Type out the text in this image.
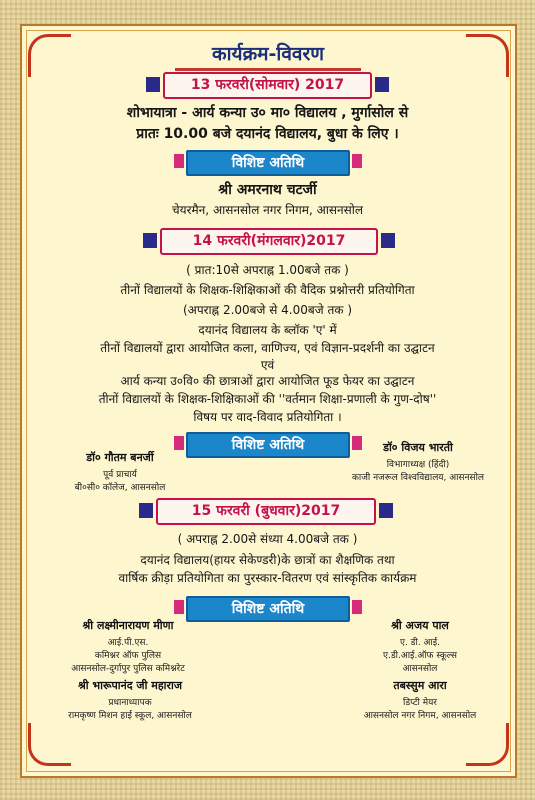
कार्यक्रम-विवरण
13 फरवरी(सोमवार) 2017
शोभायात्रा - आर्य कन्या उ० मा० विद्यालय , मुर्गासोल से
प्रातः 10.00 बजे दयानंद विद्यालय, बुधा के लिए ।
विशिष्ट अतिथि
श्री अमरनाथ चटर्जी
चेयरमैन, आसनसोल नगर निगम, आसनसोल
14 फरवरी(मंगलवार)2017
( प्रात:10से अपराह्न 1.00बजे तक )
तीनों विद्यालयों के शिक्षक-शिक्षिकाओं की वैदिक प्रश्नोत्तरी प्रतियोगिता
(अपराह्न 2.00बजे से 4.00बजे तक )
दयानंद विद्यालय के ब्लॉक 'ए' में
तीनों विद्यालयों द्वारा आयोजित कला, वाणिज्य, एवं विज्ञान-प्रदर्शनी का उद्घाटन
एवं
आर्य कन्या उ०वि० की छात्राओं द्वारा आयोजित फूड फेयर का उद्घाटन
तीनों विद्यालयों के शिक्षक-शिक्षिकाओं की ''वर्तमान शिक्षा-प्रणाली के गुण-दोष''
विषय पर वाद-विवाद प्रतियोगिता ।
विशिष्ट अतिथि
डॉ० गौतम बनर्जी
पूर्व प्राचार्य
बी०सी० कॉलेज, आसनसोल
डॉ० विजय भारती
विभागाध्यक्ष (हिंदी)
काजी नजरूल विश्वविद्यालय, आसनसोल
15 फरवरी (बुधवार)2017
( अपराह्न 2.00से संध्या 4.00बजे तक )
दयानंद विद्यालय(हायर सेकेण्डरी)के छात्रों का शैक्षणिक तथा
वार्षिक क्रीड़ा प्रतियोगिता का पुरस्कार-वितरण एवं सांस्कृतिक कार्यक्रम
विशिष्ट अतिथि
श्री लक्ष्मीनारायण मीणा
आई.पी.एस.
कमिश्नर ऑफ पुलिस
आसनसोल-दुर्गापुर पुलिस कमिश्नरेट
श्री अजय पाल
ए. डी. आई.
ए.डी.आई.ऑफ स्कूल्स
आसनसोल
श्री भारूपानंद जी महाराज
प्रधानाध्यापक
रामकृष्ण मिशन हाई स्कूल, आसनसोल
तबस्सुम आरा
डिप्टी मेयर
आसनसोल नगर निगम, आसनसोल
